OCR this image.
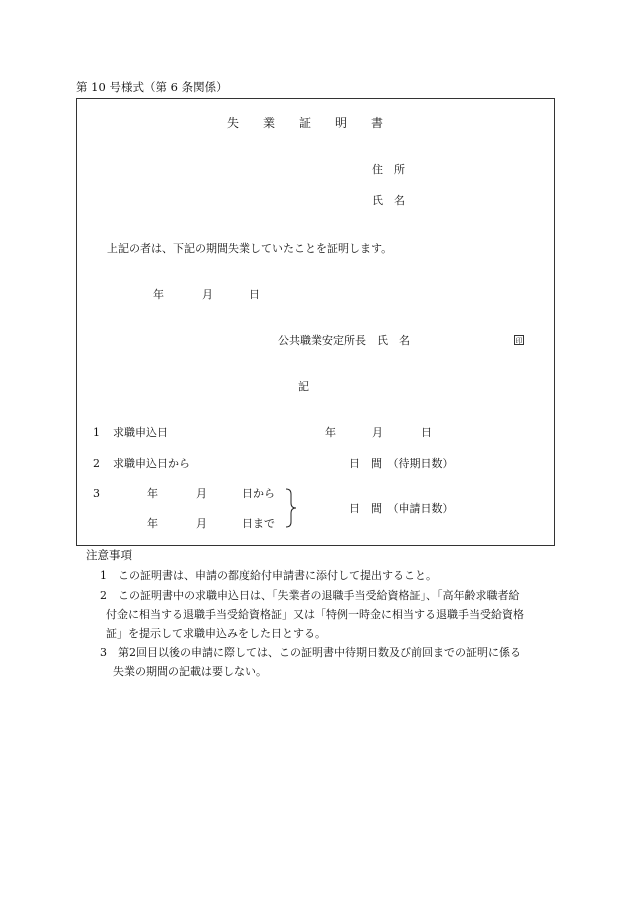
第 10 号様式（第 6 条関係）
失　　業　　証　　明　　書
住　所
氏　名
上記の者は、下記の期間失業していたことを証明します。
年	月	日
公共職業安定所長　氏　名	印
記
1 求職申込日	年	月	日
2 求職申込日から	日　間　（待期日数）
3	年	月	日から
年	月	日まで
日　間　（申請日数）
注意事項
1　この証明書は、申請の都度給付申請書に添付して提出すること。
2　この証明書中の求職申込日は、「失業者の退職手当受給資格証」、「高年齢求職者給
付金に相当する退職手当受給資格証」又は「特例一時金に相当する退職手当受給資格
証」を提示して求職申込みをした日とする。
3　第2回目以後の申請に際しては、この証明書中待期日数及び前回までの証明に係る
失業の期間の記載は要しない。
